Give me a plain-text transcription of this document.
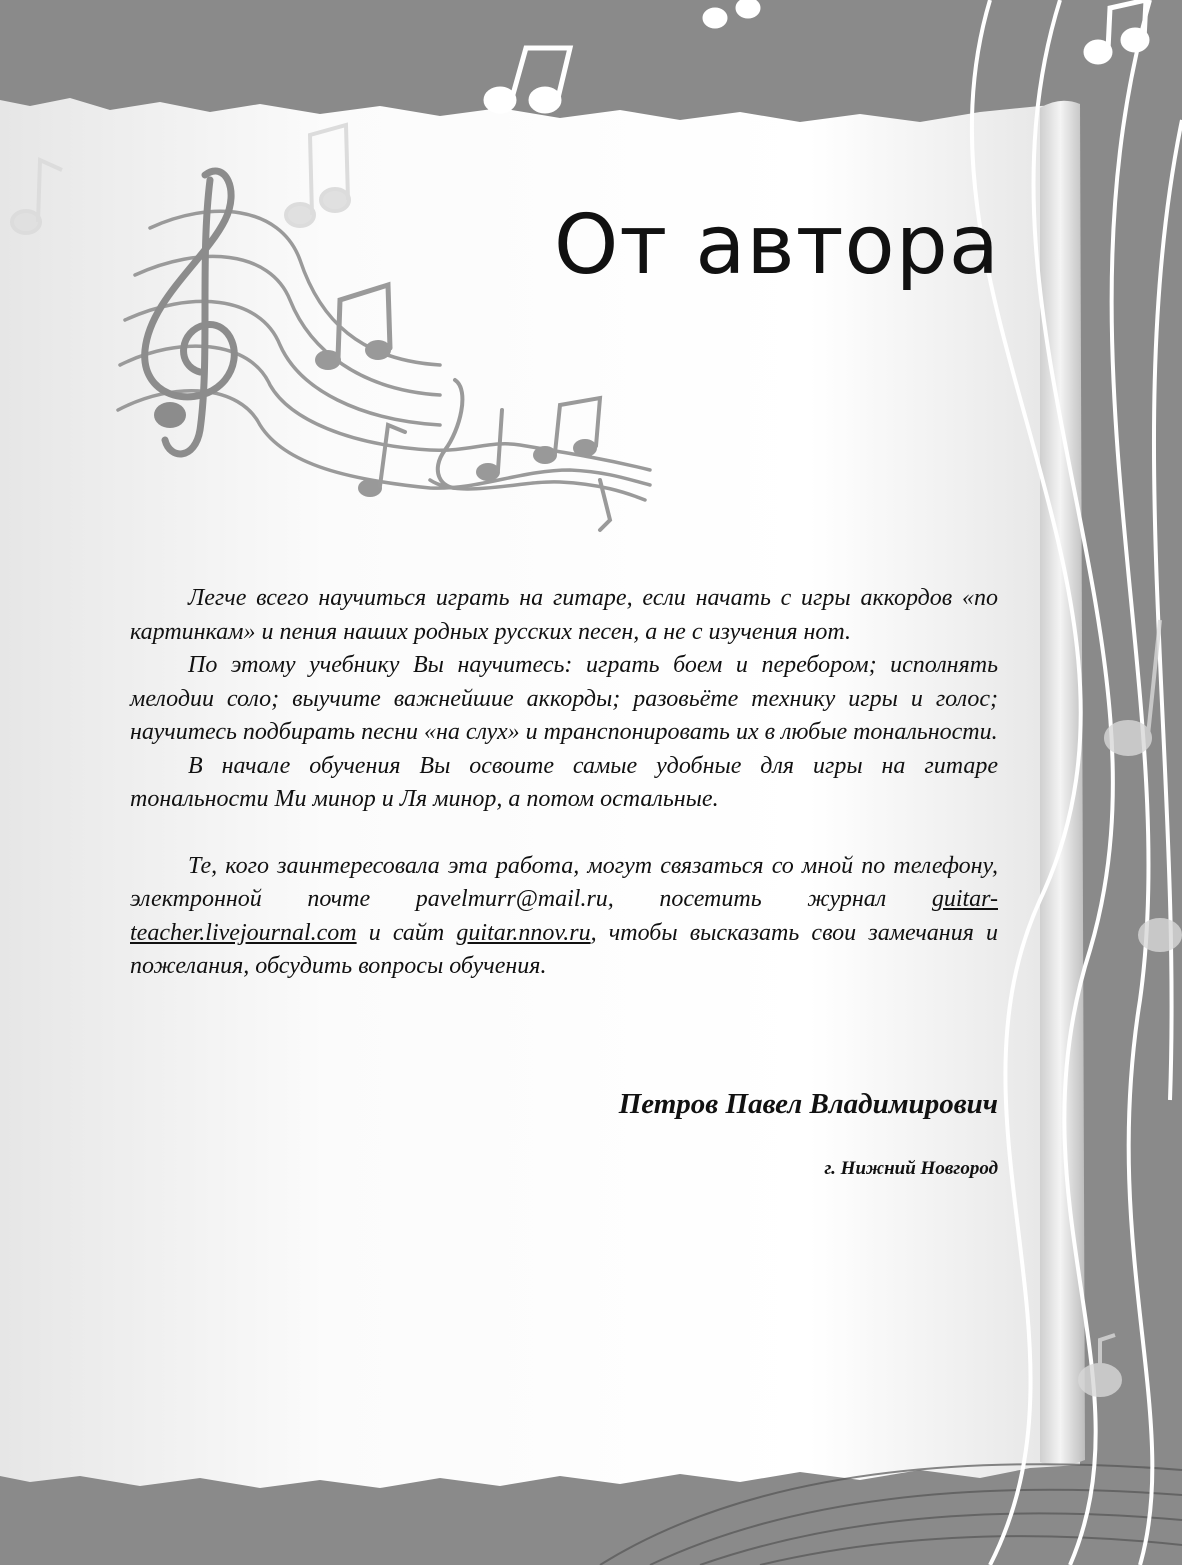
От автора

Легче всего научиться играть на гитаре, если начать с игры аккордов «по картинкам» и пения наших родных русских песен, а не с изучения нот.

По этому учебнику Вы научитесь: играть боем и перебором; исполнять мелодии соло; выучите важнейшие аккорды; разовьёте технику игры и голос; научитесь подбирать песни «на слух» и транспонировать их в любые тональности.

В начале обучения Вы освоите самые удобные для игры на гитаре тональности Ми минор и Ля минор, а потом остальные.

Те, кого заинтересовала эта работа, могут связаться со мной по телефону, электронной почте pavelmurr@mail.ru, посетить журнал guitar-teacher.livejournal.com и сайт guitar.nnov.ru, чтобы высказать свои замечания и пожелания, обсудить вопросы обучения.

Петров Павел Владимирович
г. Нижний Новгород
